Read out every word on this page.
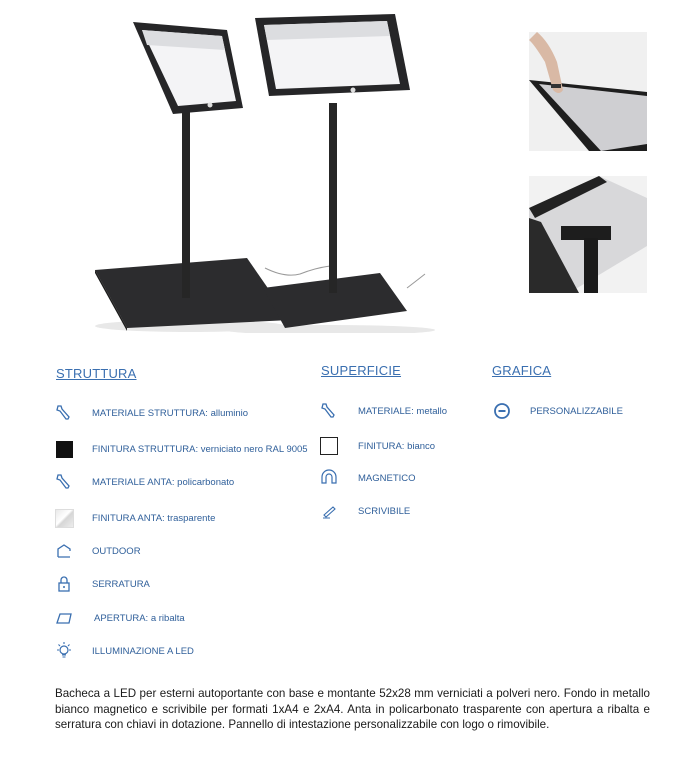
STRUTTURA	SUPERFICIE	GRAFICA
MATERIALE STRUTTURA: alluminio
FINITURA STRUTTURA: verniciato nero RAL 9005
MATERIALE ANTA: policarbonato
FINITURA ANTA: trasparente
OUTDOOR
SERRATURA
APERTURA: a ribalta
ILLUMINAZIONE A LED
MATERIALE: metallo
FINITURA: bianco
MAGNETICO
SCRIVIBILE
PERSONALIZZABILE
Bacheca a LED per esterni autoportante con base e montante 52x28 mm verniciati a polveri nero. Fondo in metallo bianco magnetico e scrivibile per formati 1xA4 e 2xA4. Anta in policarbonato trasparente con apertura a ribalta e serratura con chiavi in dotazione. Pannello di intestazione personalizzabile con logo o rimovibile.
